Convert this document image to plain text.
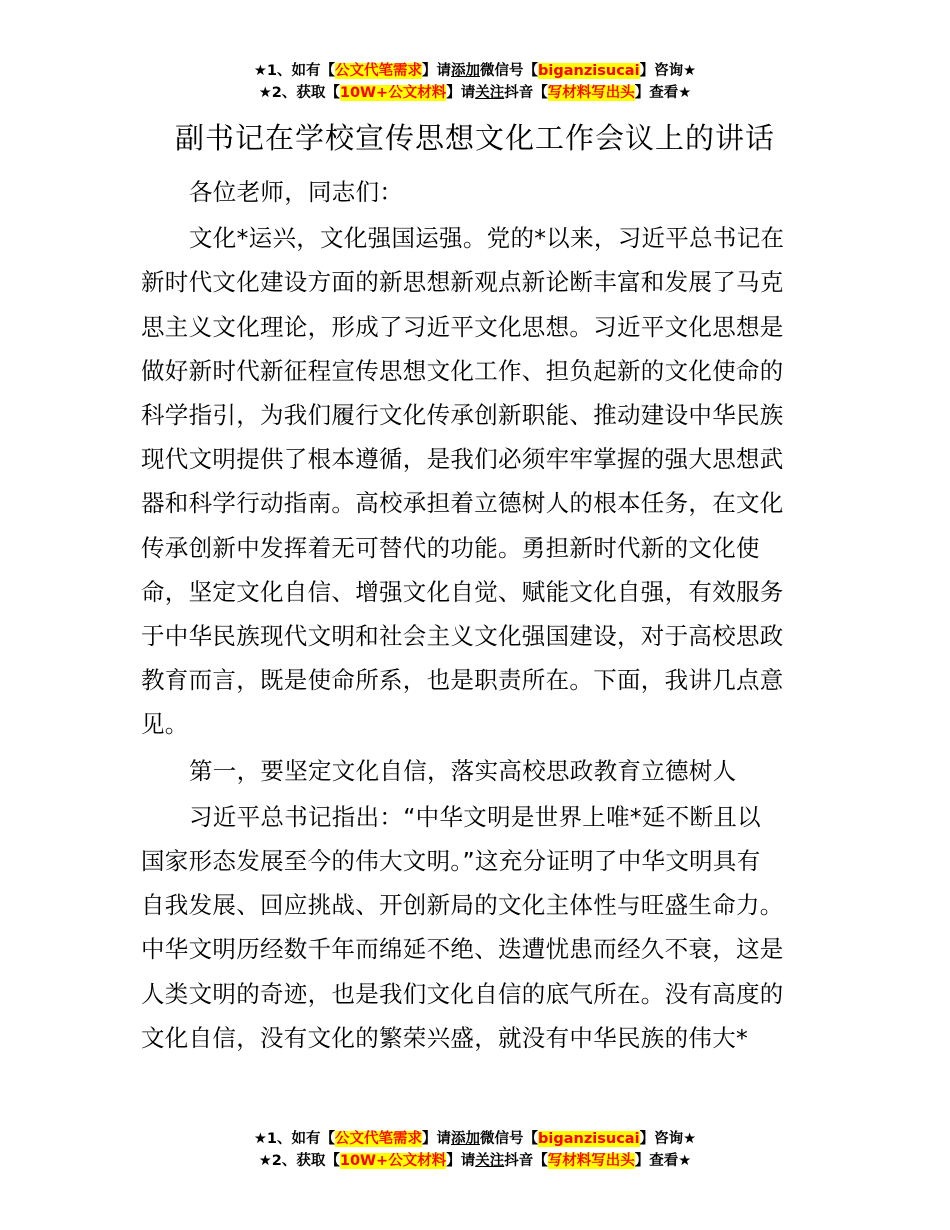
★1、如有【公文代笔需求】请添加微信号【biganzisucai】咨询★
★2、获取【10W+公文材料】请关注抖音【写材料写出头】查看★
副书记在学校宣传思想文化工作会议上的讲话

各位老师，同志们：

文化*运兴，文化强国运强。党的*以来，习近平总书记在
新时代文化建设方面的新思想新观点新论断丰富和发展了马克
思主义文化理论，形成了习近平文化思想。习近平文化思想是
做好新时代新征程宣传思想文化工作、担负起新的文化使命的
科学指引，为我们履行文化传承创新职能、推动建设中华民族
现代文明提供了根本遵循，是我们必须牢牢掌握的强大思想武
器和科学行动指南。高校承担着立德树人的根本任务，在文化
传承创新中发挥着无可替代的功能。勇担新时代新的文化使
命，坚定文化自信、增强文化自觉、赋能文化自强，有效服务
于中华民族现代文明和社会主义文化强国建设，对于高校思政
教育而言，既是使命所系，也是职责所在。下面，我讲几点意
见。

第一，要坚定文化自信，落实高校思政教育立德树人

习近平总书记指出：“中华文明是世界上唯*延不断且以
国家形态发展至今的伟大文明。”这充分证明了中华文明具有
自我发展、回应挑战、开创新局的文化主体性与旺盛生命力。
中华文明历经数千年而绵延不绝、迭遭忧患而经久不衰，这是
人类文明的奇迹，也是我们文化自信的底气所在。没有高度的
文化自信，没有文化的繁荣兴盛，就没有中华民族的伟大*

★1、如有【公文代笔需求】请添加微信号【biganzisucai】咨询★
★2、获取【10W+公文材料】请关注抖音【写材料写出头】查看★
